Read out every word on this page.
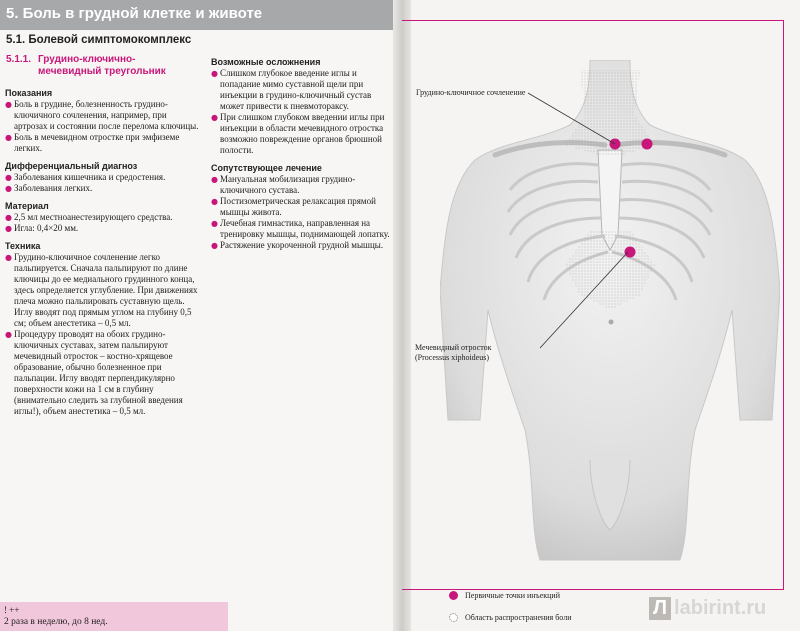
5. Боль в грудной клетке и животе
5.1. Болевой симптомокомплекс
5.1.1. Грудино-ключично-
мечевидный треугольник
Показания
● Боль в грудине, болезненность грудино-ключичного сочленения, например, при артрозах и состоянии после перелома ключицы.
● Боль в мечевидном отростке при эмфиземе легких.
Дифференциальный диагноз
● Заболевания кишечника и средостения.
● Заболевания легких.
Материал
● 2,5 мл местноанестезирующего средства.
● Игла: 0,4×20 мм.
Техника
● Грудино-ключичное сочленение легко пальпируется. Сначала пальпируют по длине ключицы до ее медиального грудинного конца, здесь определяется углубление. При движениях плеча можно пальпировать суставную щель. Иглу вводят под прямым углом на глубину 0,5 см; объем анестетика – 0,5 мл.
● Процедуру проводят на обоих грудино-ключичных суставах, затем пальпируют мечевидный отросток – костно-хрящевое образование, обычно болезненное при пальпации. Иглу вводят перпендикулярно поверхности кожи на 1 см в глубину (внимательно следить за глубиной введения иглы!), объем анестетика – 0,5 мл.
Возможные осложнения
● Слишком глубокое введение иглы и попадание мимо суставной щели при инъекции в грудино-ключичный сустав может привести к пневмотораксу.
● При слишком глубоком введении иглы при инъекции в области мечевидного отростка возможно повреждение органов брюшной полости.
Сопутствующее лечение
● Мануальная мобилизация грудино-ключичного сустава.
● Постизометрическая релаксация прямой мышцы живота.
● Лечебная гимнастика, направленная на тренировку мышцы, поднимающей лопатку.
● Растяжение укороченной грудной мышцы.
! ++
2 раза в неделю, до 8 нед.
Грудино-ключичное сочленение
Мечевидный отросток
(Processus xiphoideus)
Первичные точки инъекций
Область распространения боли	Л labirint.ru
